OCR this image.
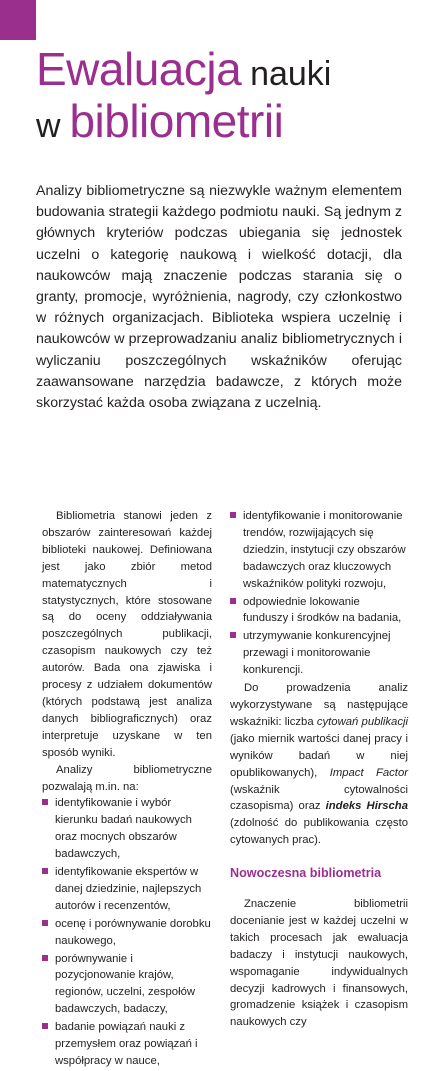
Ewaluacja nauki
w bibliometrii

Analizy bibliometryczne są niezwykle ważnym elementem budowania strategii każdego podmiotu nauki. Są jednym z głównych kryteriów podczas ubiegania się jednostek uczelni o kategorię naukową i wielkość dotacji, dla naukowców mają znaczenie podczas starania się o granty, promocje, wyróżnienia, nagrody, czy członkostwo w różnych organizacjach. Biblioteka wspiera uczelnię i naukowców w przeprowadzaniu analiz bibliometrycznych i wyliczaniu poszczególnych wskaźników oferując zaawansowane narzędzia badawcze, z których może skorzystać każda osoba związana z uczelnią.

Bibliometria stanowi jeden z obszarów zainteresowań każdej biblioteki naukowej. Definiowana jest jako zbiór metod matematycznych i statystycznych, które stosowane są do oceny oddziaływania poszczególnych publikacji, czasopism naukowych czy też autorów. Bada ona zjawiska i procesy z udziałem dokumentów (których podstawą jest analiza danych bibliograficznych) oraz interpretuje uzyskane w ten sposób wyniki.

Analizy bibliometryczne pozwalają m.in. na:

identyfikowanie i wybór kierunku badań naukowych oraz mocnych obszarów badawczych,
identyfikowanie ekspertów w danej dziedzinie, najlepszych autorów i recenzentów,
ocenę i porównywanie dorobku naukowego,
porównywanie i pozycjonowanie krajów, regionów, uczelni, zespołów badawczych, badaczy,
badanie powiązań nauki z przemysłem oraz powiązań i współpracy w nauce,
identyfikowanie i monitorowanie trendów, rozwijających się dziedzin, instytucji czy obszarów badawczych oraz kluczowych wskaźników polityki rozwoju,
odpowiednie lokowanie funduszy i środków na badania,
utrzymywanie konkurencyjnej przewagi i monitorowanie konkurencji.

Do prowadzenia analiz wykorzystywane są następujące wskaźniki: liczba cytowań publikacji (jako miernik wartości danej pracy i wyników badań w niej opublikowanych), Impact Factor (wskaźnik cytowalności czasopisma) oraz indeks Hirscha (zdolność do publikowania często cytowanych prac).

Nowoczesna bibliometria

Znaczenie bibliometrii docenianie jest w każdej uczelni w takich procesach jak ewaluacja badaczy i instytucji naukowych, wspomaganie indywidualnych decyzji kadrowych i finansowych, gromadzenie książek i czasopism naukowych czy
